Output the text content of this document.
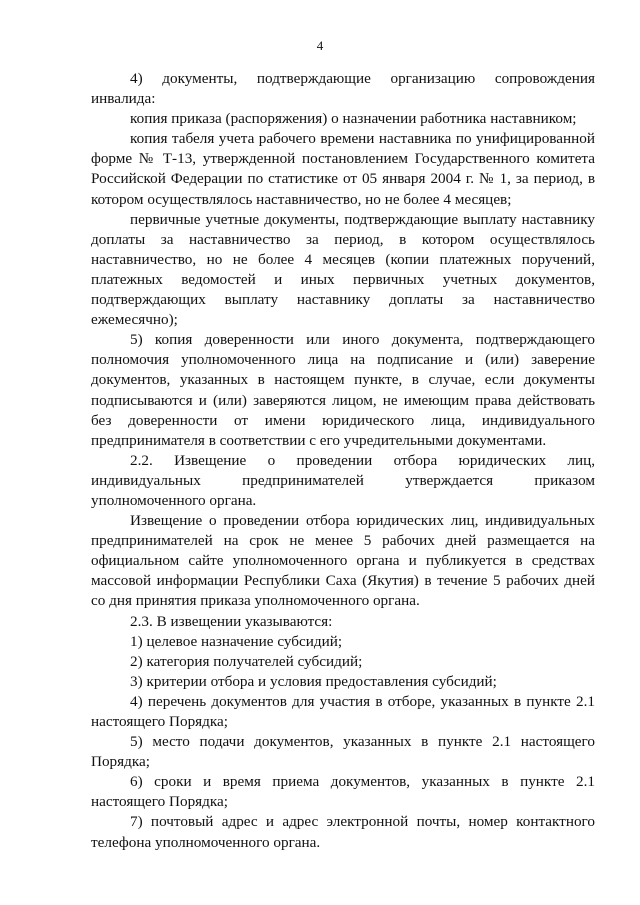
4

4)   документы,   подтверждающие   организацию   сопровождения инвалида:

копия приказа (распоряжения) о назначении работника наставником;

копия табеля учета рабочего времени наставника по унифицированной форме № Т-13, утвержденной постановлением Государственного комитета Российской Федерации по статистике от 05 января 2004 г. № 1, за период, в котором осуществлялось наставничество, но не более 4 месяцев;

первичные учетные документы, подтверждающие выплату наставнику доплаты за наставничество за период, в котором осуществлялось наставничество, но не более 4 месяцев (копии платежных поручений, платежных ведомостей и иных первичных учетных документов, подтверждающих выплату наставнику доплаты за наставничество ежемесячно);

5) копия доверенности или иного документа, подтверждающего полномочия уполномоченного лица на подписание и (или) заверение документов, указанных в настоящем пункте, в случае, если документы подписываются и (или) заверяются лицом, не имеющим права действовать без доверенности от имени юридического лица, индивидуального предпринимателя в соответствии с его учредительными документами.

2.2. Извещение о проведении отбора юридических лиц, индивидуальных предпринимателей утверждается приказом уполномоченного органа.

Извещение о проведении отбора юридических лиц, индивидуальных предпринимателей на срок не менее 5 рабочих дней размещается на официальном сайте уполномоченного органа и публикуется в средствах массовой информации Республики Саха (Якутия) в течение 5 рабочих дней со дня принятия приказа уполномоченного органа.

2.3. В извещении указываются:

1) целевое назначение субсидий;

2) категория получателей субсидий;

3) критерии отбора и условия предоставления субсидий;

4) перечень документов для участия в отборе, указанных в пункте 2.1 настоящего Порядка;

5) место подачи документов, указанных в пункте 2.1 настоящего Порядка;

6) сроки и время приема документов, указанных в пункте 2.1 настоящего Порядка;

7) почтовый адрес и адрес электронной почты, номер контактного телефона уполномоченного органа.
